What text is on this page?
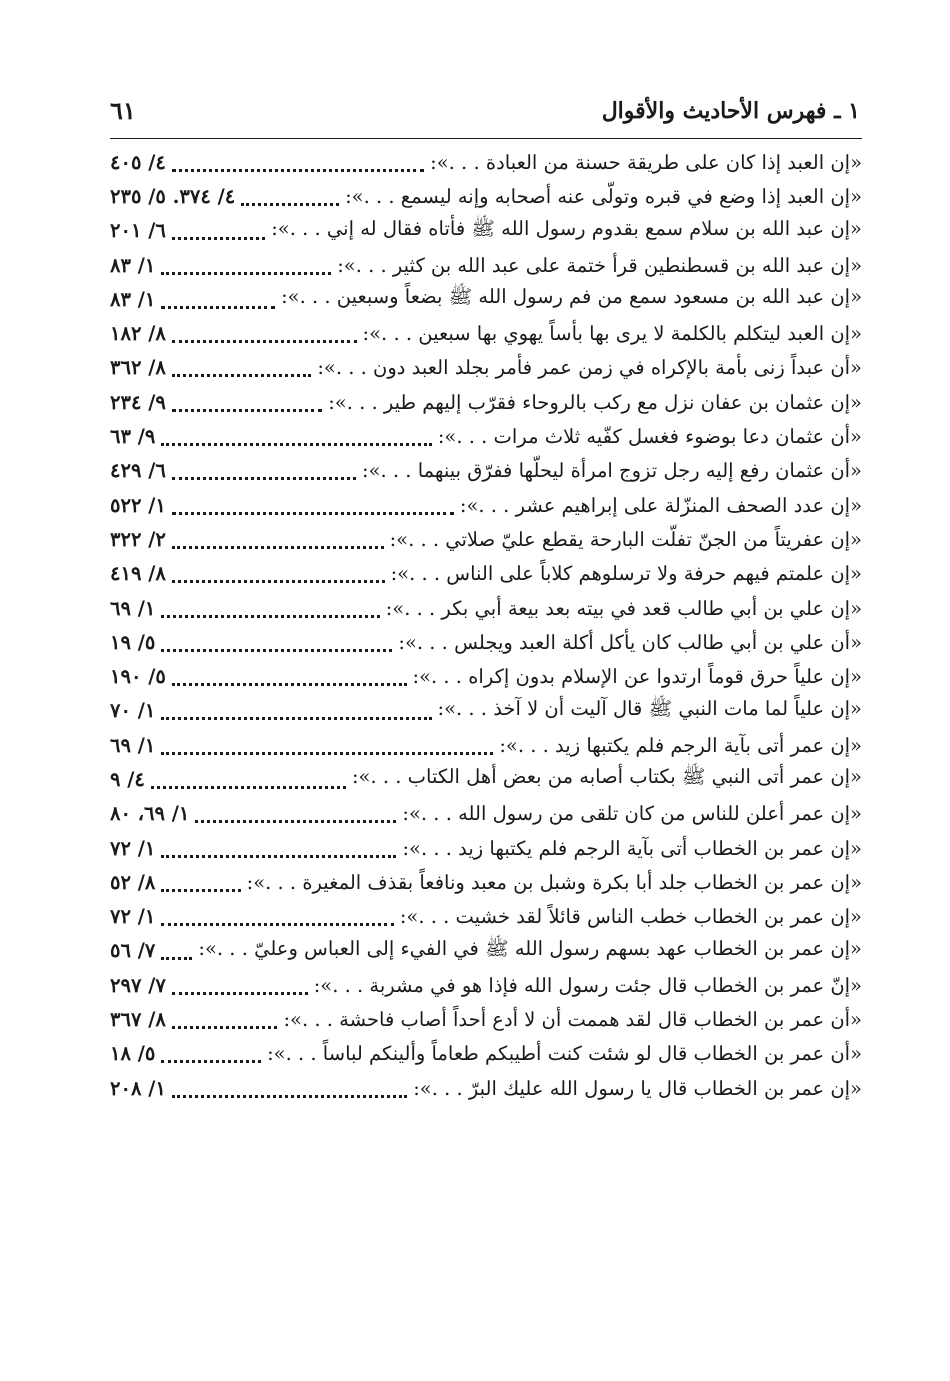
١ ـ فهرس الأحاديث والأقوال
٦١
«إن العبد إذا كان على طريقة حسنة من العبادة . . .»:
٤/ ٤٠٥
«إن العبد إذا وضع في قبره وتولّى عنه أصحابه وإنه ليسمع . . .»:
٤/ ٣٧٤. ٥/ ٢٣٥
«إن عبد الله بن سلام سمع بقدوم رسول الله ﷺ فأتاه فقال له إني . . .»:
٦/ ٢٠١
«إن عبد الله بن قسطنطين قرأ ختمة على عبد الله بن كثير . . .»:
١/ ٨٣
«إن عبد الله بن مسعود سمع من فم رسول الله ﷺ بضعاً وسبعين . . .»:
١/ ٨٣
«إن العبد ليتكلم بالكلمة لا يرى بها بأساً يهوي بها سبعين . . .»:
٨/ ١٨٢
«أن عبداً زنى بأمة بالإكراه في زمن عمر فأمر بجلد العبد دون . . .»:
٨/ ٣٦٢
«إن عثمان بن عفان نزل مع ركب بالروحاء فقرّب إليهم طير . . .»:
٩/ ٢٣٤
«أن عثمان دعا بوضوء فغسل كفّيه ثلاث مرات . . .»:
٩/ ٦٣
«أن عثمان رفع إليه رجل تزوج امرأة ليحلّها ففرّق بينهما . . .»:
٦/ ٤٢٩
«إن عدد الصحف المنزّلة على إبراهيم عشر . . .»:
١/ ٥٢٢
«إن عفريتاً من الجنّ تفلّت البارحة يقطع عليّ صلاتي . . .»:
٢/ ٣٢٢
«إن علمتم فيهم حرفة ولا ترسلوهم كلاباً على الناس . . .»:
٨/ ٤١٩
«إن علي بن أبي طالب قعد في بيته بعد بيعة أبي بكر . . .»:
١/ ٦٩
«أن علي بن أبي طالب كان يأكل أكلة العبد ويجلس . . .»:
٥/ ١٩
«إن علياً حرق قوماً ارتدوا عن الإسلام بدون إكراه . . .»:
٥/ ١٩٠
«إن علياً لما مات النبي ﷺ قال آليت أن لا آخذ . . .»:
١/ ٧٠
«إن عمر أتى بآية الرجم فلم يكتبها زيد . . .»:
١/ ٦٩
«إن عمر أتى النبي ﷺ بكتاب أصابه من بعض أهل الكتاب . . .»:
٤/ ٩
«إن عمر أعلن للناس من كان تلقى من رسول الله . . .»:
١/ ٦٩، ٨٠
«إن عمر بن الخطاب أتى بآية الرجم فلم يكتبها زيد . . .»:
١/ ٧٢
«إن عمر بن الخطاب جلد أبا بكرة وشبل بن معبد ونافعاً بقذف المغيرة . . .»:
٨/ ٥٢
«إن عمر بن الخطاب خطب الناس قائلاً لقد خشيت . . .»:
١/ ٧٢
«إن عمر بن الخطاب عهد بسهم رسول الله ﷺ في الفيء إلى العباس وعليّ . . .»:
٧/ ٥٦
«إنّ عمر بن الخطاب قال جئت رسول الله فإذا هو في مشربة . . .»:
٧/ ٢٩٧
«أن عمر بن الخطاب قال لقد هممت أن لا أدع أحداً أصاب فاحشة . . .»:
٨/ ٣٦٧
«أن عمر بن الخطاب قال لو شئت كنت أطيبكم طعاماً وألينكم لباساً . . .»:
٥/ ١٨
«إن عمر بن الخطاب قال يا رسول الله عليك البرّ . . .»:
١/ ٢٠٨
